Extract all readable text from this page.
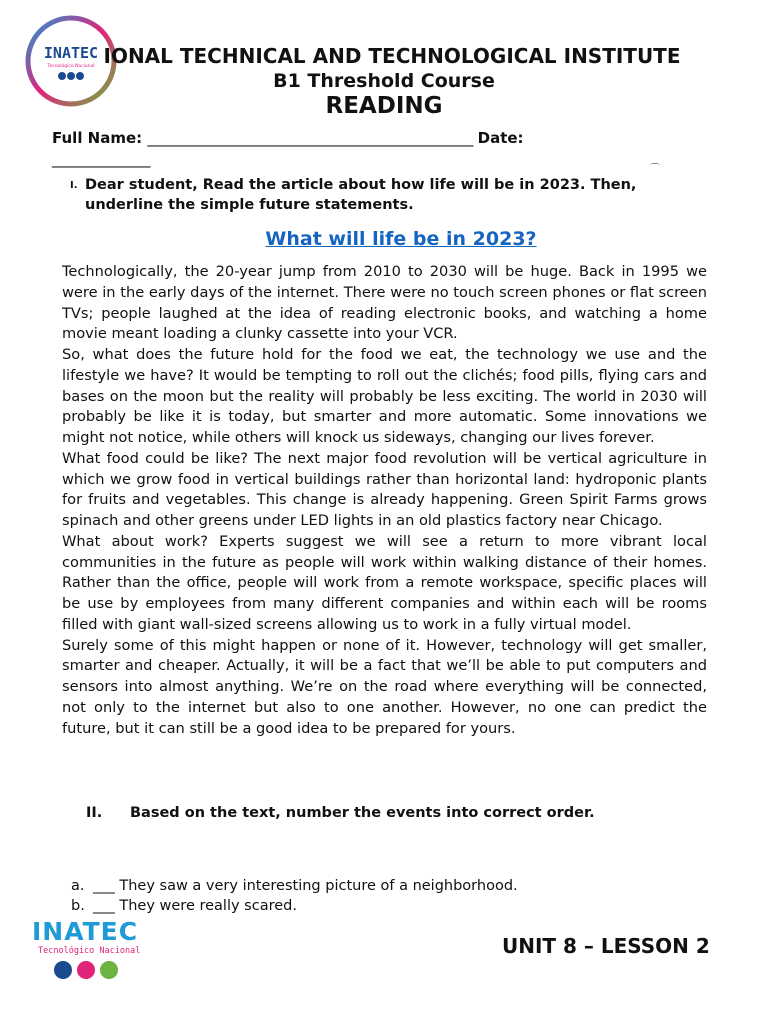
INATEC
Tecnológico Nacional IONAL TECHNICAL AND TECHNOLOGICAL INSTITUTE
B1 Threshold Course
READING
Full Name: __________________________________________________ Date:
_______________
⌒
I. Dear student, Read the article about how life will be in 2023. Then, underline the simple future statements.
What will life be in 2023?

Technologically, the 20-year jump from 2010 to 2030 will be huge. Back in 1995 we were in the early days of the internet. There were no touch screen phones or flat screen TVs; people laughed at the idea of reading electronic books, and watching a home movie meant loading a clunky cassette into your VCR.

So, what does the future hold for the food we eat, the technology we use and the lifestyle we have? It would be tempting to roll out the clichés; food pills, flying cars and bases on the moon but the reality will probably be less exciting. The world in 2030 will probably be like it is today, but smarter and more automatic. Some innovations we might not notice, while others will knock us sideways, changing our lives forever.

What food could be like? The next major food revolution will be vertical agriculture in which we grow food in vertical buildings rather than horizontal land: hydroponic plants for fruits and vegetables. This change is already happening. Green Spirit Farms grows spinach and other greens under LED lights in an old plastics factory near Chicago.

What about work? Experts suggest we will see a return to more vibrant local communities in the future as people will work within walking distance of their homes. Rather than the office, people will work from a remote workspace, specific places will be use by employees from many different companies and within each will be rooms filled with giant wall-sized screens allowing us to work in a fully virtual model.

Surely some of this might happen or none of it. However, technology will get smaller, smarter and cheaper. Actually, it will be a fact that we’ll be able to put computers and sensors into almost anything. We’re on the road where everything will be connected, not only to the internet but also to one another. However, no one can predict the future, but it can still be a good idea to be prepared for yours.

II. Based on the text, number the events into correct order.
a. ___ They saw a very interesting picture of a neighborhood.
b. ___ They were really scared.
INATEC
Tecnológico Nacional	UNIT 8 – LESSON 2
